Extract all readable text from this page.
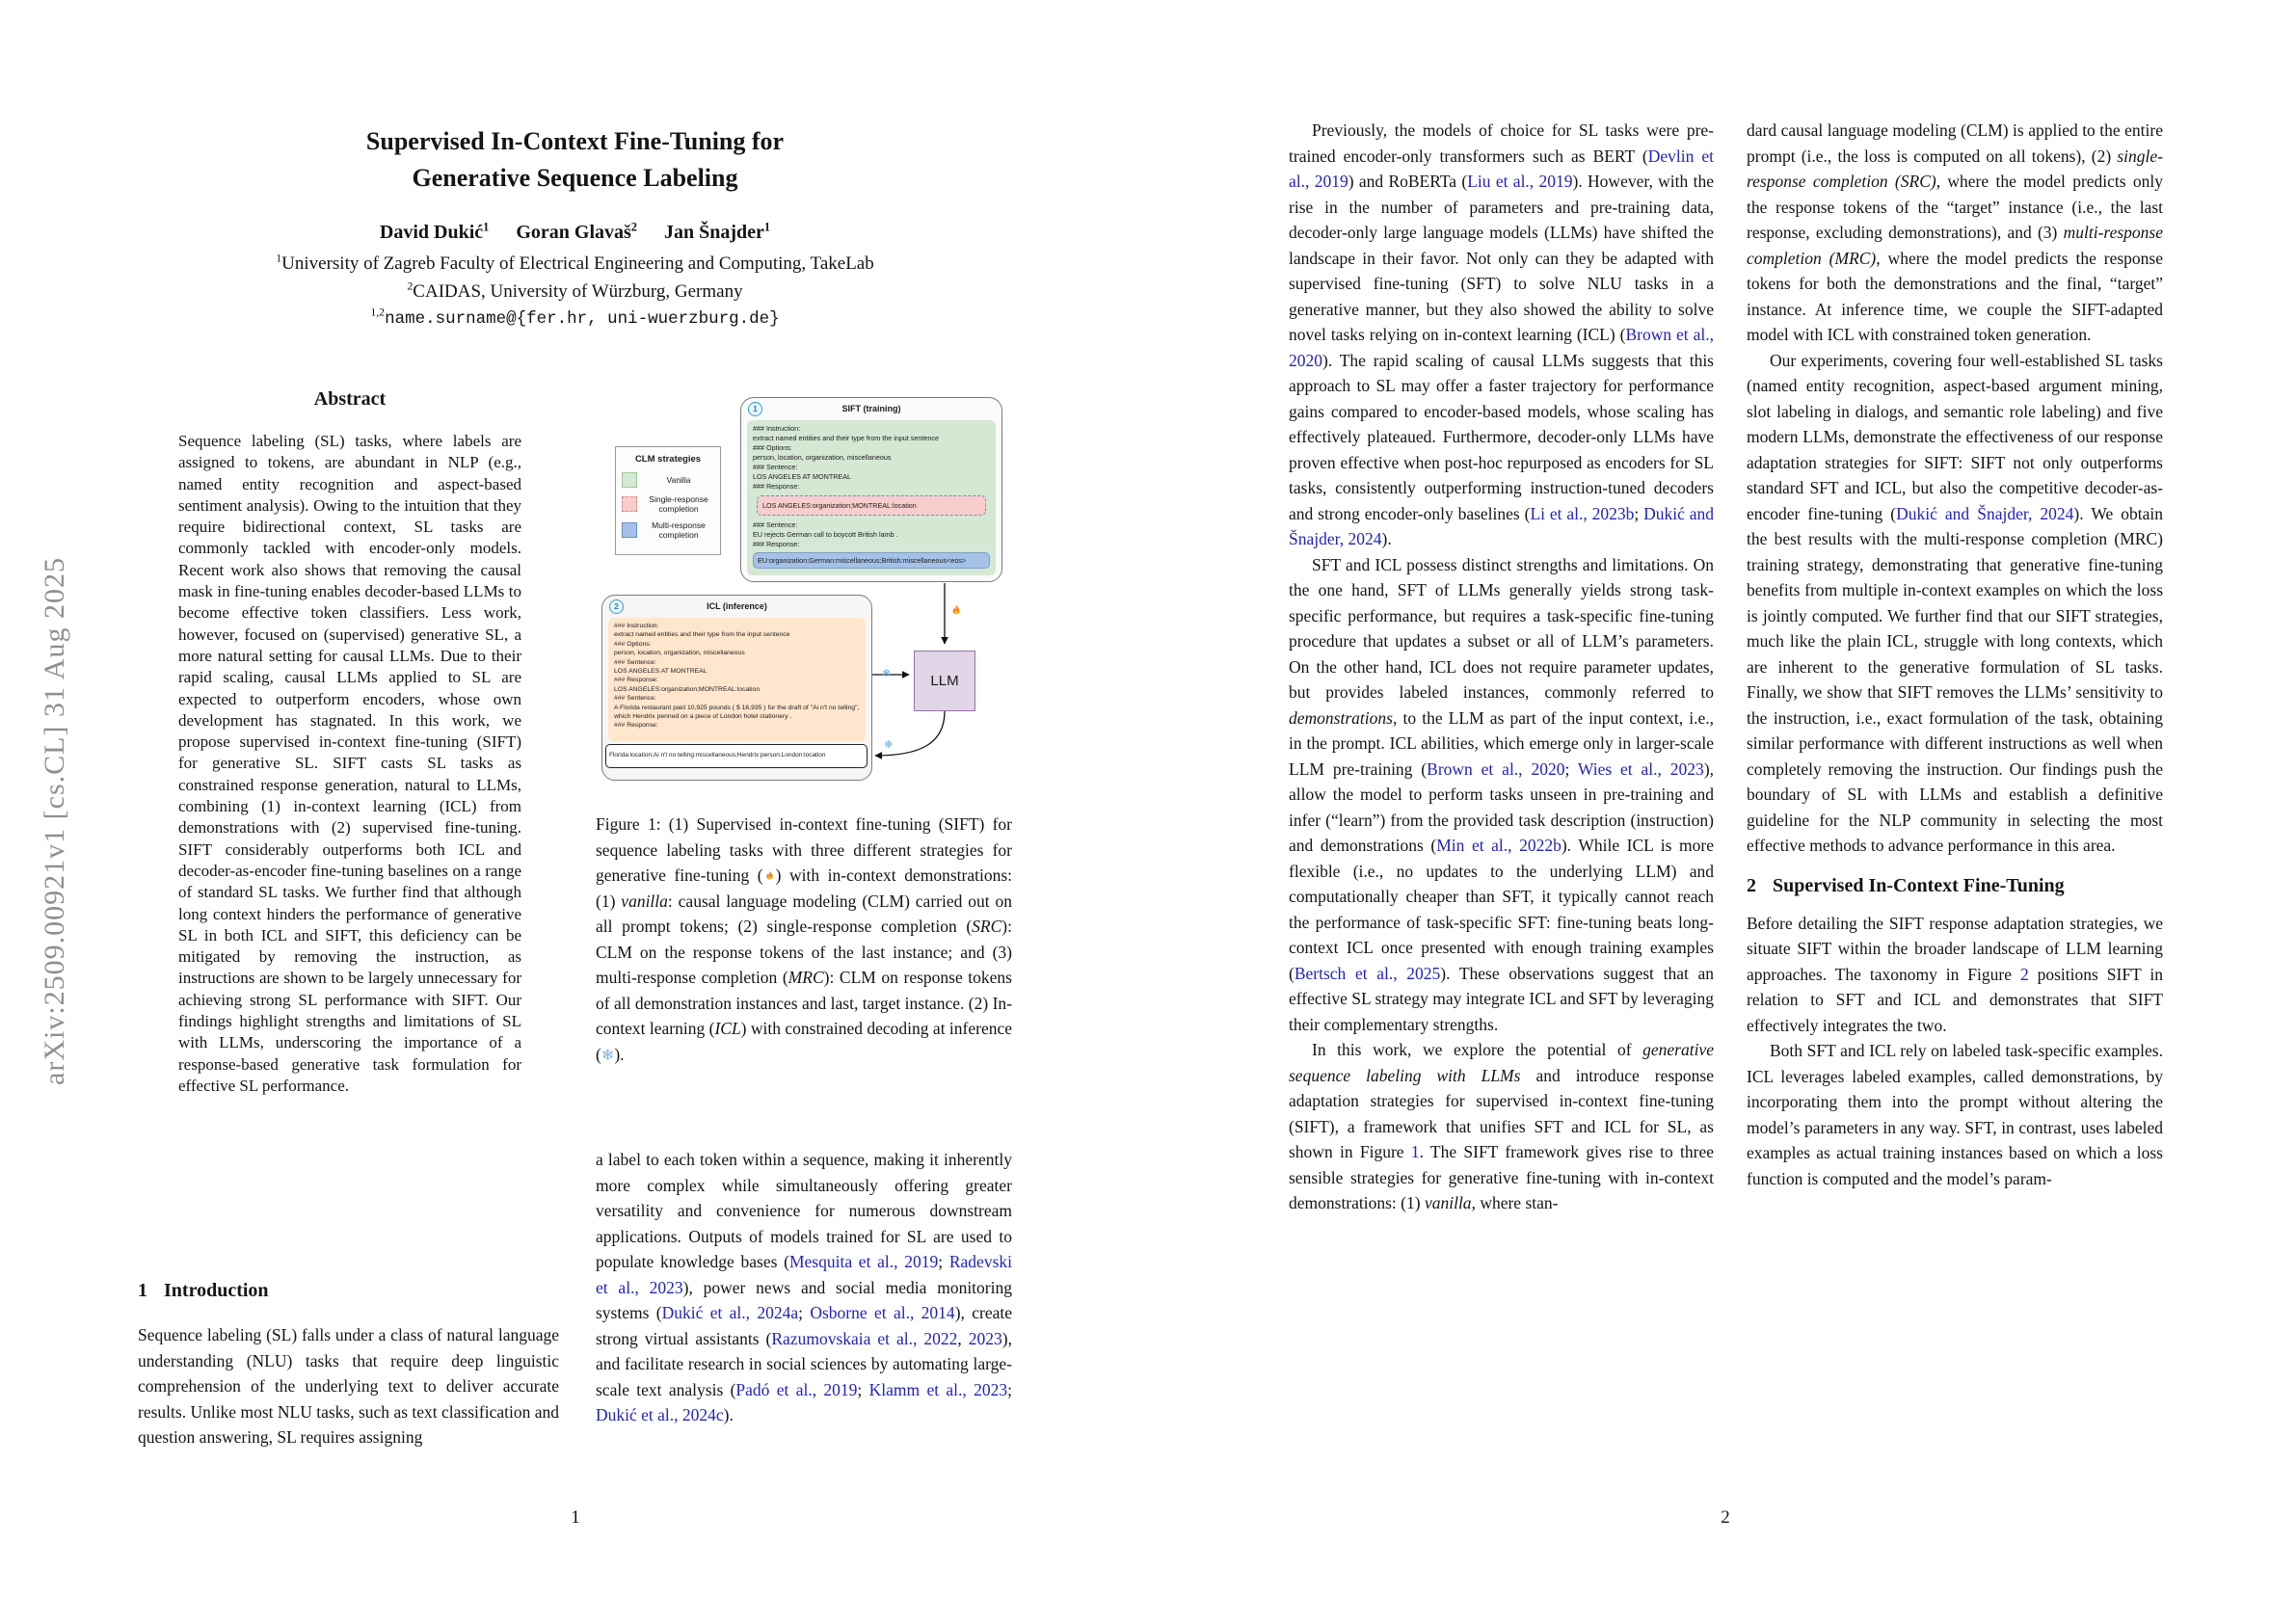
arXiv:2509.00921v1 [cs.CL] 31 Aug 2025
Supervised In-Context Fine-Tuning for
Generative Sequence Labeling
David Dukić$^1$ Goran Glavaš$^2$ Jan Šnajder$^1$
$^1$University of Zagreb Faculty of Electrical Engineering and Computing, TakeLab
$^2$CAIDAS, University of Würzburg, Germany
$^{1,2}$name.surname@{fer.hr, uni-wuerzburg.de}
Abstract
Sequence labeling (SL) tasks, where labels are assigned to tokens, are abundant in NLP (e.g., named entity recognition and aspect-based sentiment analysis). Owing to the intuition that they require bidirectional context, SL tasks are commonly tackled with encoder-only models. Recent work also shows that removing the causal mask in fine-tuning enables decoder-based LLMs to become effective token classifiers. Less work, however, focused on (supervised) generative SL, a more natural setting for causal LLMs. Due to their rapid scaling, causal LLMs applied to SL are expected to outperform encoders, whose own development has stagnated. In this work, we propose supervised in-context fine-tuning (SIFT) for generative SL. SIFT casts SL tasks as constrained response generation, natural to LLMs, combining (1) in-context learning (ICL) from demonstrations with (2) supervised fine-tuning. SIFT considerably outperforms both ICL and decoder-as-encoder fine-tuning baselines on a range of standard SL tasks. We further find that although long context hinders the performance of generative SL in both ICL and SIFT, this deficiency can be mitigated by removing the instruction, as instructions are shown to be largely unnecessary for achieving strong SL performance with SIFT. Our findings highlight strengths and limitations of SL with LLMs, underscoring the importance of a response-based generative task formulation for effective SL performance.
1 Introduction
Sequence labeling (SL) falls under a class of natural language understanding (NLU) tasks that require deep linguistic comprehension of the underlying text to deliver accurate results. Unlike most NLU tasks, such as text classification and question answering, SL requires assigning
CLM strategies
Vanilla
Single-response completion
Multi-response completion
1	SIFT (training)
### Instruction:
extract named entities and their type from the input sentence
### Options:
person, location, organization, miscellaneous
### Sentence:
LOS ANGELES AT MONTREAL
### Response:
LOS ANGELES:organization;MONTREAL:location
### Sentence:
EU rejects German call to boycott British lamb .
### Response:
EU:organization;German:miscellaneous;British:miscellaneous<eos>
2	ICL (inference)
### Instruction:
extract named entities and their type from the input sentence
### Options:
person, location, organization, miscellaneous
### Sentence:
LOS ANGELES AT MONTREAL
### Response:
LOS ANGELES:organization;MONTREAL:location
### Sentence:
A Florida restaurant paid 10,925 pounds ( $ 16,935 ) for the draft of "Ai n't no telling", which Hendrix penned on a piece of London hotel stationery .
### Response:
Florida:location;Ai n't no telling:miscellaneous;Hendrix:person;London:location
LLM
❄
❄
Figure 1: (1) Supervised in-context fine-tuning (SIFT) for sequence labeling tasks with three different strategies for generative fine-tuning ( ) with in-context demonstrations: (1) vanilla: causal language modeling (CLM) carried out on all prompt tokens; (2) single-response completion (SRC): CLM on the response tokens of the last instance; and (3) multi-response completion (MRC): CLM on response tokens of all demonstration instances and last, target instance. (2) In-context learning (ICL) with constrained decoding at inference (❄).
a label to each token within a sequence, making it inherently more complex while simultaneously offering greater versatility and convenience for numerous downstream applications. Outputs of models trained for SL are used to populate knowledge bases (Mesquita et al., 2019; Radevski et al., 2023), power news and social media monitoring systems (Dukić et al., 2024a; Osborne et al., 2014), create strong virtual assistants (Razumovskaia et al., 2022, 2023), and facilitate research in social sciences by automating large-scale text analysis (Padó et al., 2019; Klamm et al., 2023; Dukić et al., 2024c).
1

Previously, the models of choice for SL tasks were pre-trained encoder-only transformers such as BERT (Devlin et al., 2019) and RoBERTa (Liu et al., 2019). However, with the rise in the number of parameters and pre-training data, decoder-only large language models (LLMs) have shifted the landscape in their favor. Not only can they be adapted with supervised fine-tuning (SFT) to solve NLU tasks in a generative manner, but they also showed the ability to solve novel tasks relying on in-context learning (ICL) (Brown et al., 2020). The rapid scaling of causal LLMs suggests that this approach to SL may offer a faster trajectory for performance gains compared to encoder-based models, whose scaling has effectively plateaued. Furthermore, decoder-only LLMs have proven effective when post-hoc repurposed as encoders for SL tasks, consistently outperforming instruction-tuned decoders and strong encoder-only baselines (Li et al., 2023b; Dukić and Šnajder, 2024).

SFT and ICL possess distinct strengths and limitations. On the one hand, SFT of LLMs generally yields strong task-specific performance, but requires a task-specific fine-tuning procedure that updates a subset or all of LLM’s parameters. On the other hand, ICL does not require parameter updates, but provides labeled instances, commonly referred to demonstrations, to the LLM as part of the input context, i.e., in the prompt. ICL abilities, which emerge only in larger-scale LLM pre-training (Brown et al., 2020; Wies et al., 2023), allow the model to perform tasks unseen in pre-training and infer (“learn”) from the provided task description (instruction) and demonstrations (Min et al., 2022b). While ICL is more flexible (i.e., no updates to the underlying LLM) and computationally cheaper than SFT, it typically cannot reach the performance of task-specific SFT: fine-tuning beats long-context ICL once presented with enough training examples (Bertsch et al., 2025). These observations suggest that an effective SL strategy may integrate ICL and SFT by leveraging their complementary strengths.

In this work, we explore the potential of generative sequence labeling with LLMs and introduce response adaptation strategies for supervised in-context fine-tuning (SIFT), a framework that unifies SFT and ICL for SL, as shown in Figure 1. The SIFT framework gives rise to three sensible strategies for generative fine-tuning with in-context demonstrations: (1) vanilla, where stan-

dard causal language modeling (CLM) is applied to the entire prompt (i.e., the loss is computed on all tokens), (2) single-response completion (SRC), where the model predicts only the response tokens of the “target” instance (i.e., the last response, excluding demonstrations), and (3) multi-response completion (MRC), where the model predicts the response tokens for both the demonstrations and the final, “target” instance. At inference time, we couple the SIFT-adapted model with ICL with constrained token generation.

Our experiments, covering four well-established SL tasks (named entity recognition, aspect-based argument mining, slot labeling in dialogs, and semantic role labeling) and five modern LLMs, demonstrate the effectiveness of our response adaptation strategies for SIFT: SIFT not only outperforms standard SFT and ICL, but also the competitive decoder-as-encoder fine-tuning (Dukić and Šnajder, 2024). We obtain the best results with the multi-response completion (MRC) training strategy, demonstrating that generative fine-tuning benefits from multiple in-context examples on which the loss is jointly computed. We further find that our SIFT strategies, much like the plain ICL, struggle with long contexts, which are inherent to the generative formulation of SL tasks. Finally, we show that SIFT removes the LLMs’ sensitivity to the instruction, i.e., exact formulation of the task, obtaining similar performance with different instructions as well when completely removing the instruction. Our findings push the boundary of SL with LLMs and establish a definitive guideline for the NLP community in selecting the most effective methods to advance performance in this area.

2 Supervised In-Context Fine-Tuning

Before detailing the SIFT response adaptation strategies, we situate SIFT within the broader landscape of LLM learning approaches. The taxonomy in Figure 2 positions SIFT in relation to SFT and ICL and demonstrates that SIFT effectively integrates the two.

Both SFT and ICL rely on labeled task-specific examples. ICL leverages labeled examples, called demonstrations, by incorporating them into the prompt without altering the model’s parameters in any way. SFT, in contrast, uses labeled examples as actual training instances based on which a loss function is computed and the model’s param-

2
